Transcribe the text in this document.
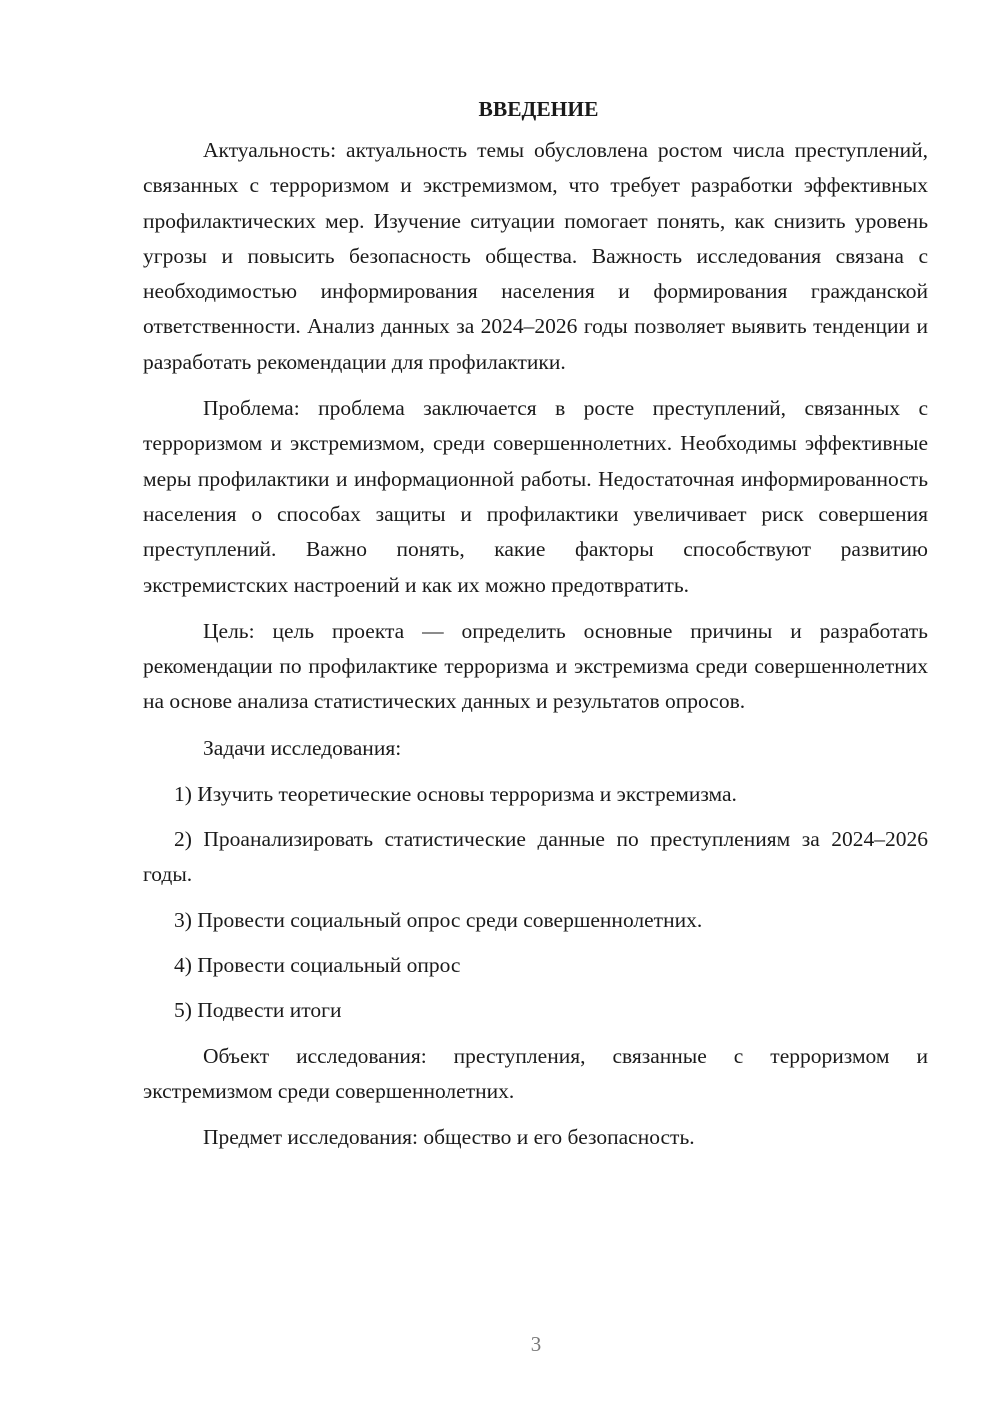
ВВЕДЕНИЕ

Актуальность: актуальность темы обусловлена ростом числа преступлений, связанных с терроризмом и экстремизмом, что требует разработки эффективных профилактических мер. Изучение ситуации помогает понять, как снизить уровень угрозы и повысить безопасность общества. Важность исследования связана с необходимостью информирования населения и формирования гражданской ответственности. Анализ данных за 2024–2026 годы позволяет выявить тенденции и разработать рекомендации для профилактики.

Проблема: проблема заключается в росте преступлений, связанных с терроризмом и экстремизмом, среди совершеннолетних. Необходимы эффективные меры профилактики и информационной работы. Недостаточная информированность населения о способах защиты и профилактики увеличивает риск совершения преступлений. Важно понять, какие факторы способствуют развитию экстремистских настроений и как их можно предотвратить.

Цель: цель проекта — определить основные причины и разработать рекомендации по профилактике терроризма и экстремизма среди совершеннолетних на основе анализа статистических данных и результатов опросов.

Задачи исследования:

1) Изучить теоретические основы терроризма и экстремизма.

2) Проанализировать статистические данные по преступлениям за 2024–2026 годы.

3) Провести социальный опрос среди совершеннолетних.

4) Провести социальный опрос

5) Подвести итоги

Объект исследования: преступления, связанные с терроризмом и экстремизмом среди совершеннолетних.

Предмет исследования: общество и его безопасность.

3
